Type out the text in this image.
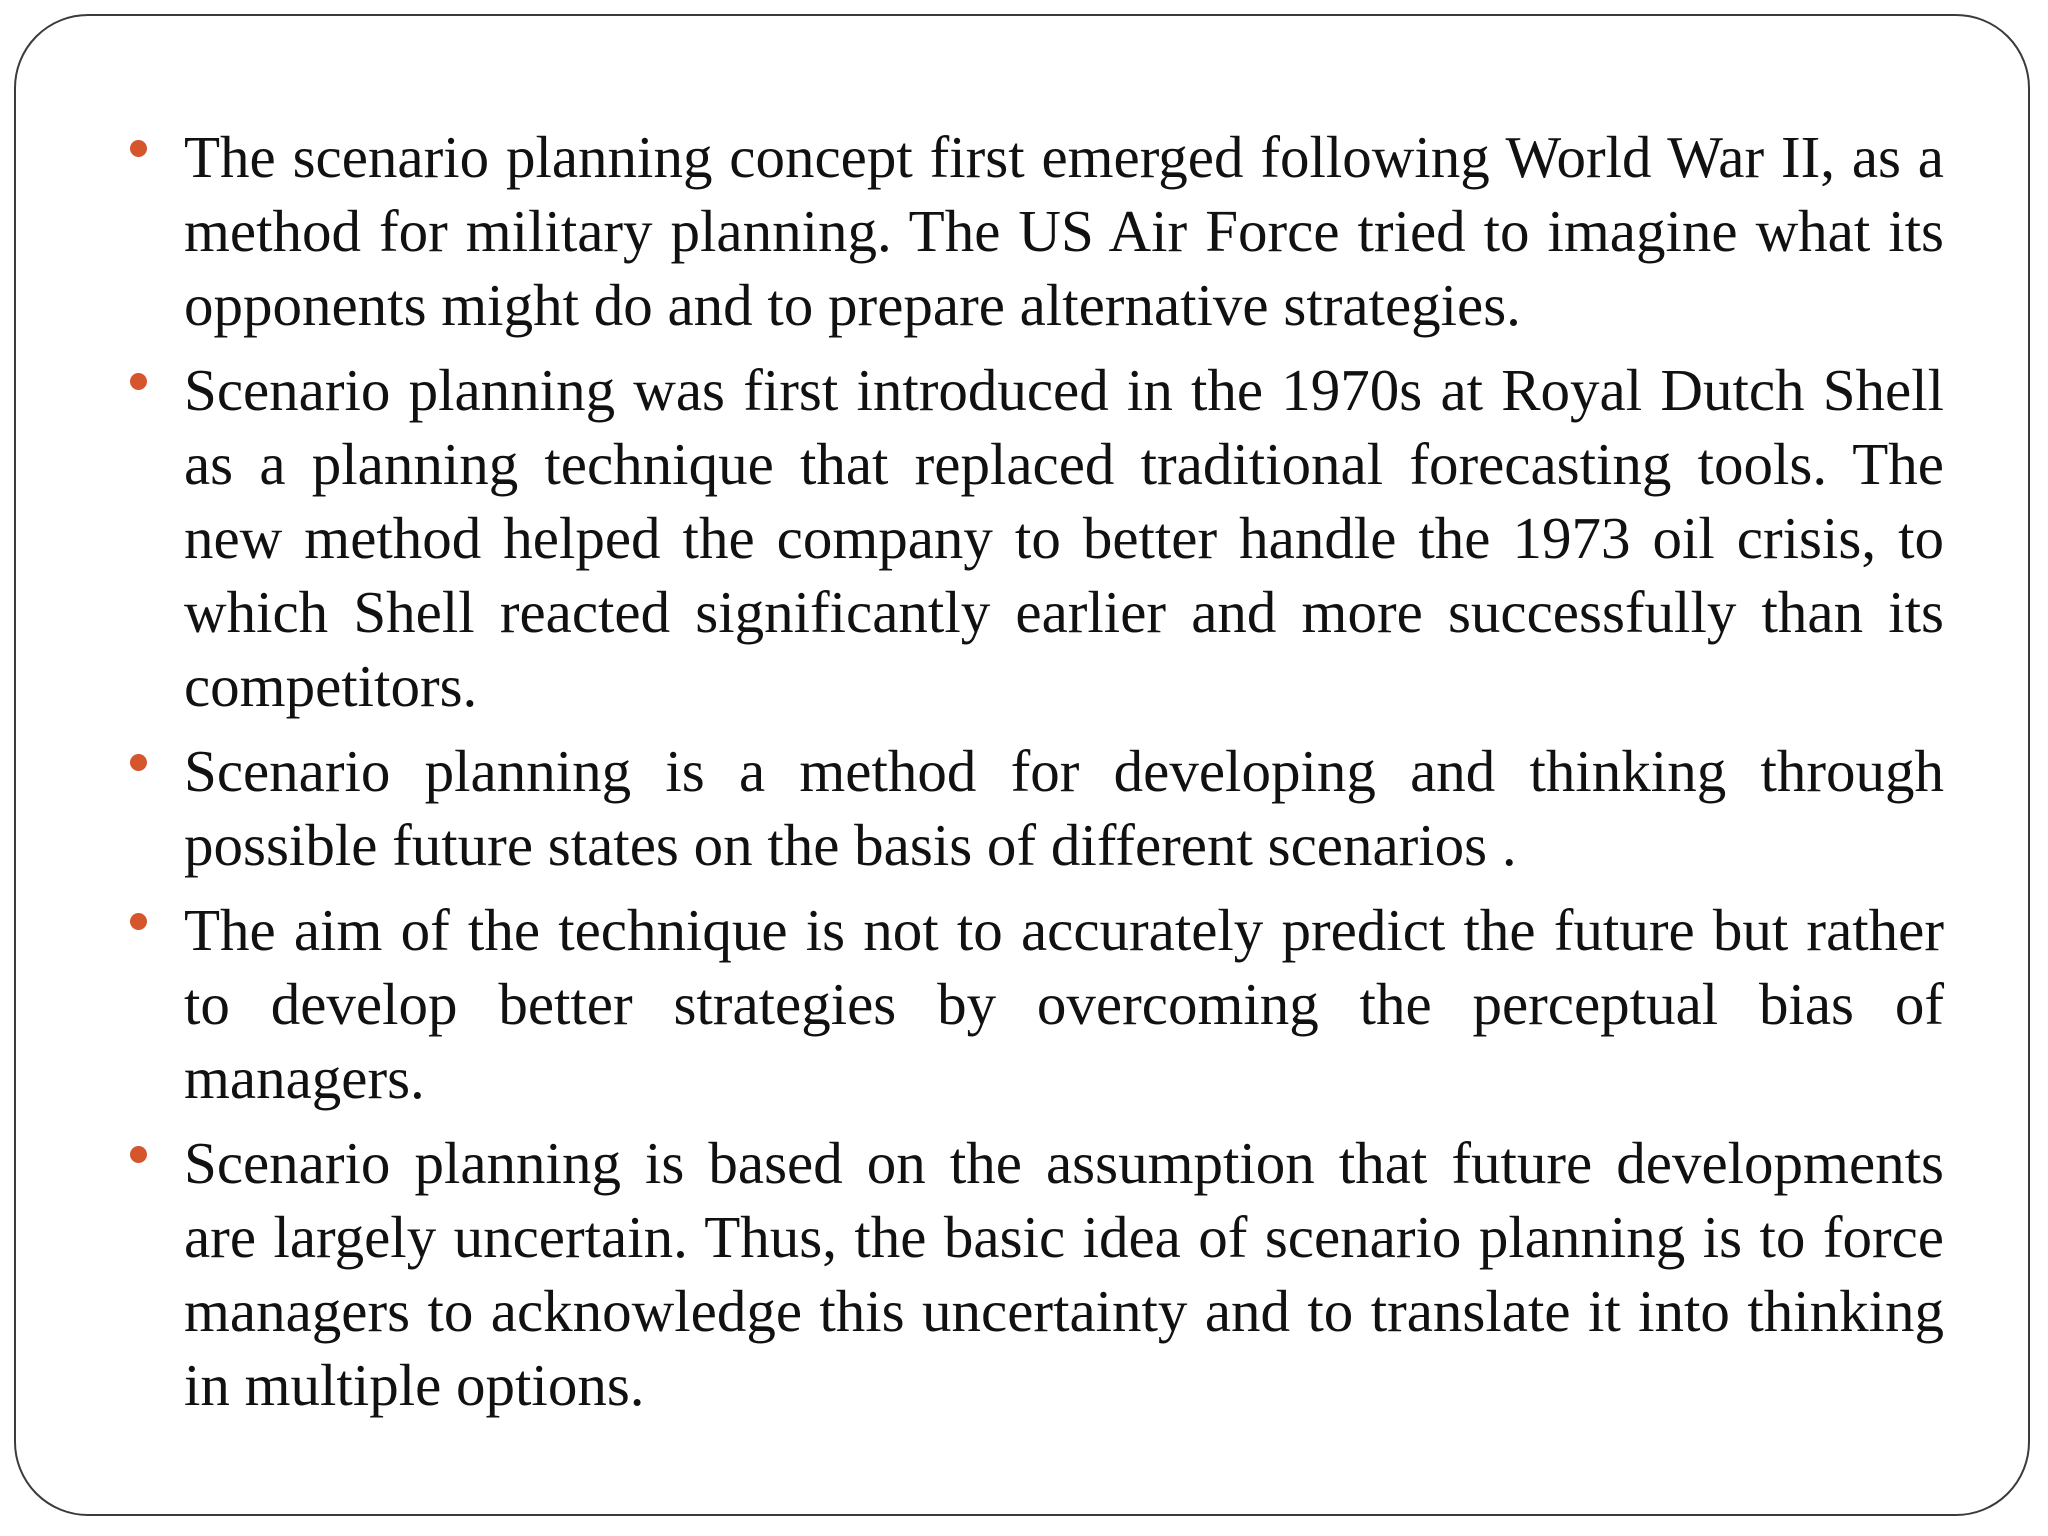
The scenario planning concept first emerged following World War II, as a method for military planning. The US Air Force tried to imagine what its opponents might do and to prepare alternative strategies.
Scenario planning was first introduced in the 1970s at Royal Dutch Shell as a planning technique that replaced traditional forecasting tools. The new method helped the company to better handle the 1973 oil crisis, to which Shell reacted significantly earlier and more successfully than its competitors.
Scenario planning is a method for developing and thinking through possible future states on the basis of different scenarios .
The aim of the technique is not to accurately predict the future but rather to develop better strategies by overcoming the perceptual bias of managers.
Scenario planning is based on the assumption that future developments are largely uncertain. Thus, the basic idea of scenario planning is to force managers to acknowledge this uncertainty and to translate it into thinking in multiple options.
